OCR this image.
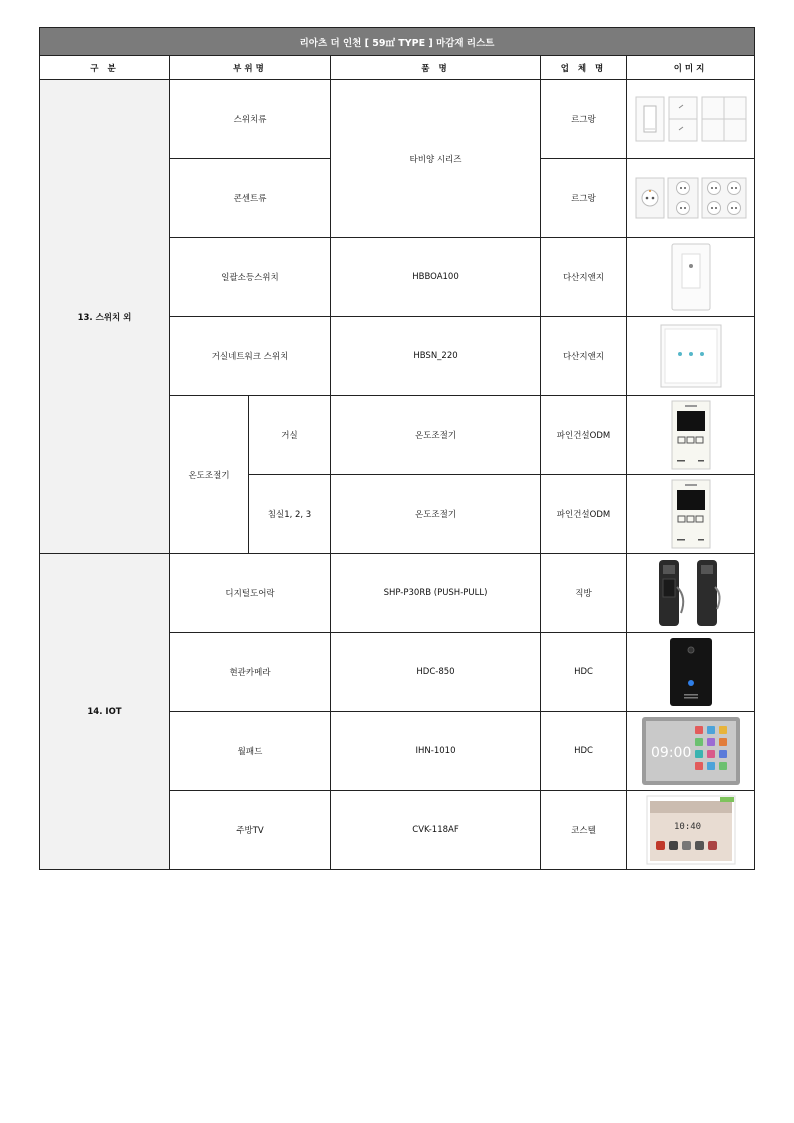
리아츠 더 인천 [ 59㎡ TYPE ] 마감재 리스트					
구 분	부위명		품 명	업 체 명	이미지
13. 스위치 외	스위치류		타비양 시리즈	르그랑	

	콘센트류			르그랑	

	일괄소등스위치		HBBOA100	다산지앤지	

	거실네트워크 스위치		HBSN_220	다산지앤지	

	온도조절기	거실	온도조절기	파인건설ODM	

		침실1, 2, 3	온도조절기	파인건설ODM	

14. IOT	디지털도어락		SHP-P30RB (PUSH-PULL)	직방	

	현관카메라		HDC-850	HDC	

	월패드		IHN-1010	HDC	09:00

	주방TV		CVK-118AF	코스텔	10:40
